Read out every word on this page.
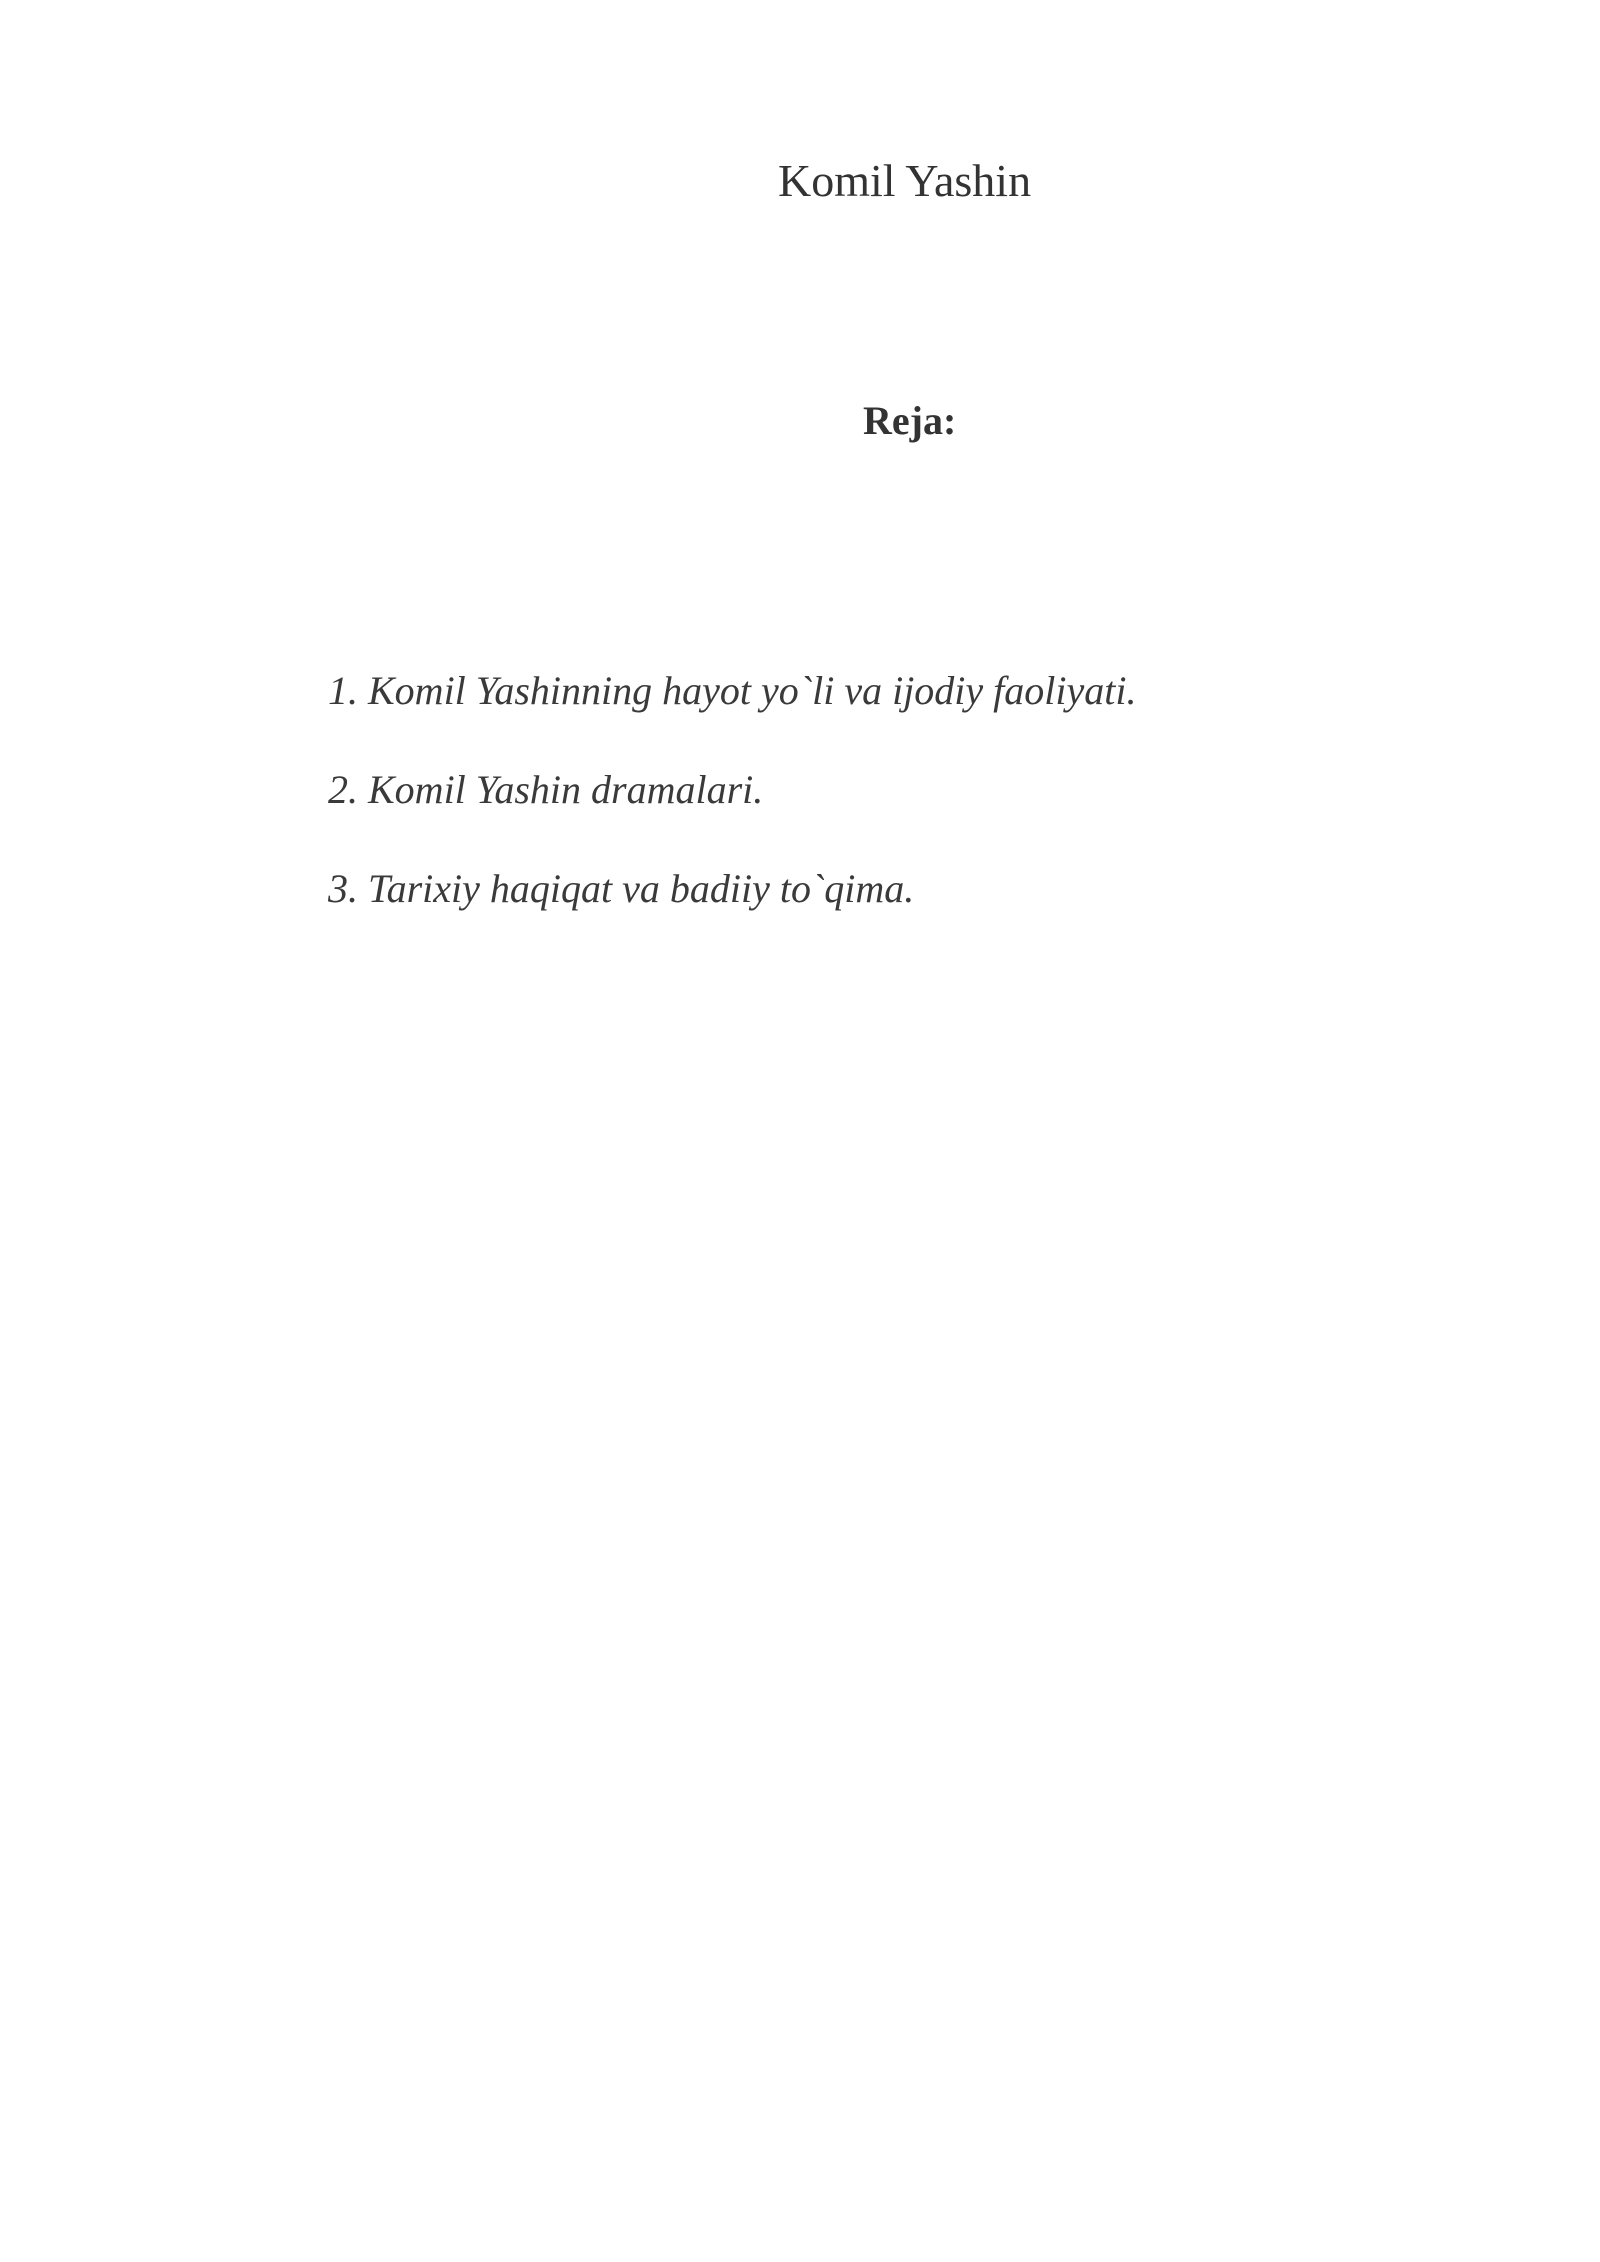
Komil Yashin
Reja:
1. Komil Yashinning hayot yo`li va ijodiy faoliyati.
2. Komil Yashin dramalari.
3. Tarixiy haqiqat va badiiy to`qima.
